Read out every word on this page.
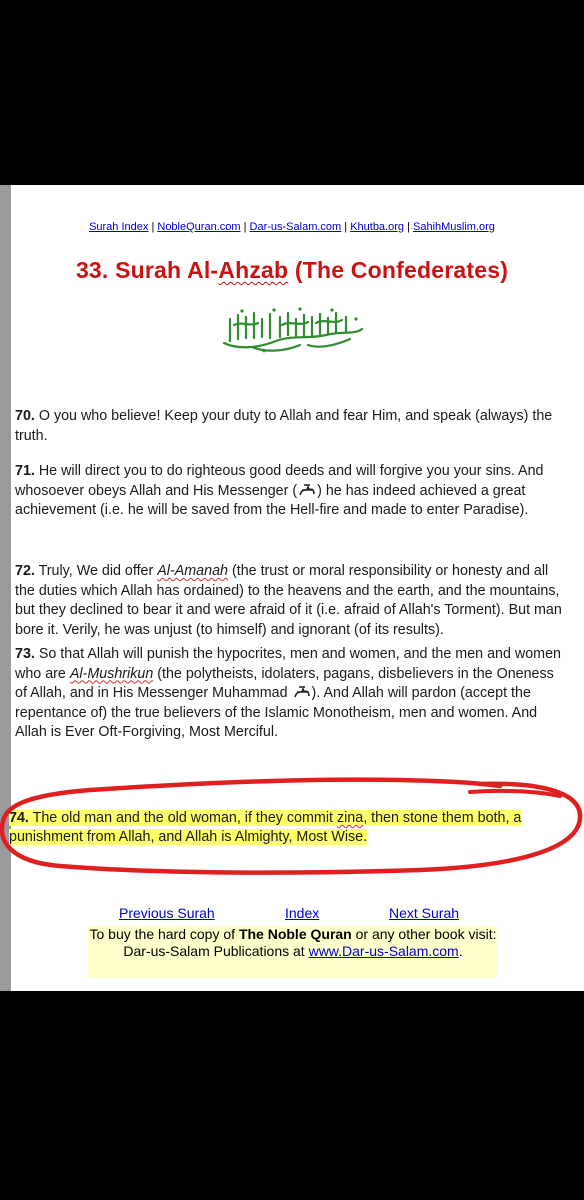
Surah Index | NobleQuran.com | Dar-us-Salam.com | Khutba.org | SahihMuslim.org
33. Surah Al-Ahzab (The Confederates)
70. O you who believe! Keep your duty to Allah and fear Him, and speak (always) the truth.
71. He will direct you to do righteous good deeds and will forgive you your sins. And whosoever obeys Allah and His Messenger ( ) he has indeed achieved a great achievement (i.e. he will be saved from the Hell-fire and made to enter Paradise).
72. Truly, We did offer Al-Amanah (the trust or moral responsibility or honesty and all the duties which Allah has ordained) to the heavens and the earth, and the mountains, but they declined to bear it and were afraid of it (i.e. afraid of Allah's Torment). But man bore it. Verily, he was unjust (to himself) and ignorant (of its results).
73. So that Allah will punish the hypocrites, men and women, and the men and women who are Al-Mushrikun (the polytheists, idolaters, pagans, disbelievers in the Oneness of Allah, and in His Messenger Muhammad ). And Allah will pardon (accept the repentance of) the true believers of the Islamic Monotheism, men and women. And Allah is Ever Oft-Forgiving, Most Merciful.
74. The old man and the old woman, if they commit zina, then stone them both, a punishment from Allah, and Allah is Almighty, Most Wise.
Previous Surah	Index	Next Surah
To buy the hard copy of The Noble Quran or any other book visit:
Dar-us-Salam Publications at www.Dar-us-Salam.com.
